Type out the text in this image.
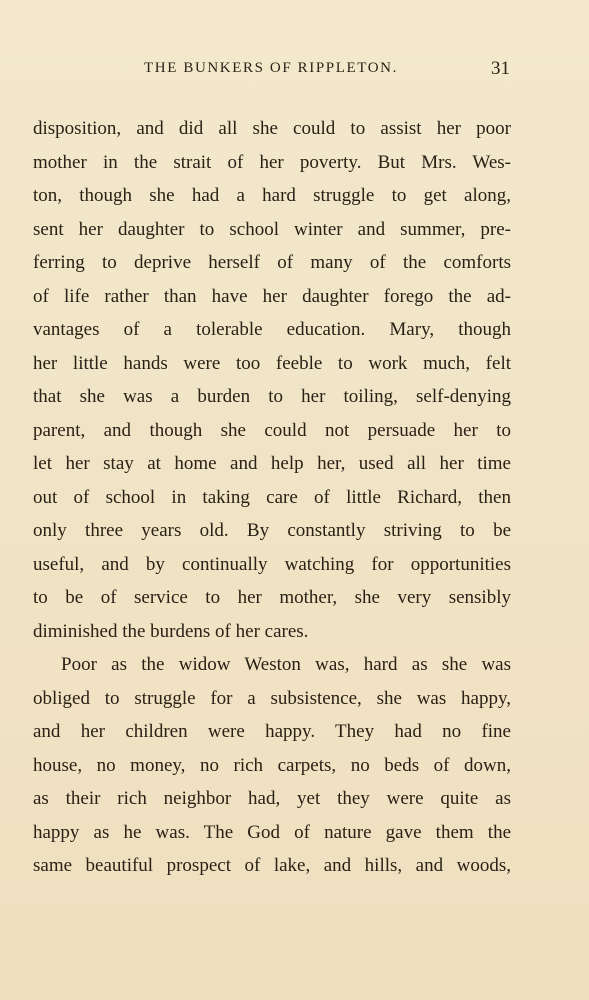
THE BUNKERS OF RIPPLETON.	31

disposition, and did all she could to assist her poor
mother in the strait of her poverty. But Mrs. Wes-
ton, though she had a hard struggle to get along,
sent her daughter to school winter and summer, pre-
ferring to deprive herself of many of the comforts
of life rather than have her daughter forego the ad-
vantages of a tolerable education. Mary, though
her little hands were too feeble to work much, felt
that she was a burden to her toiling, self-denying
parent, and though she could not persuade her to
let her stay at home and help her, used all her time
out of school in taking care of little Richard, then
only three years old. By constantly striving to be
useful, and by continually watching for opportunities
to be of service to her mother, she very sensibly
diminished the burdens of her cares.

Poor as the widow Weston was, hard as she was
obliged to struggle for a subsistence, she was happy,
and her children were happy. They had no fine
house, no money, no rich carpets, no beds of down,
as their rich neighbor had, yet they were quite as
happy as he was. The God of nature gave them the
same beautiful prospect of lake, and hills, and woods,
